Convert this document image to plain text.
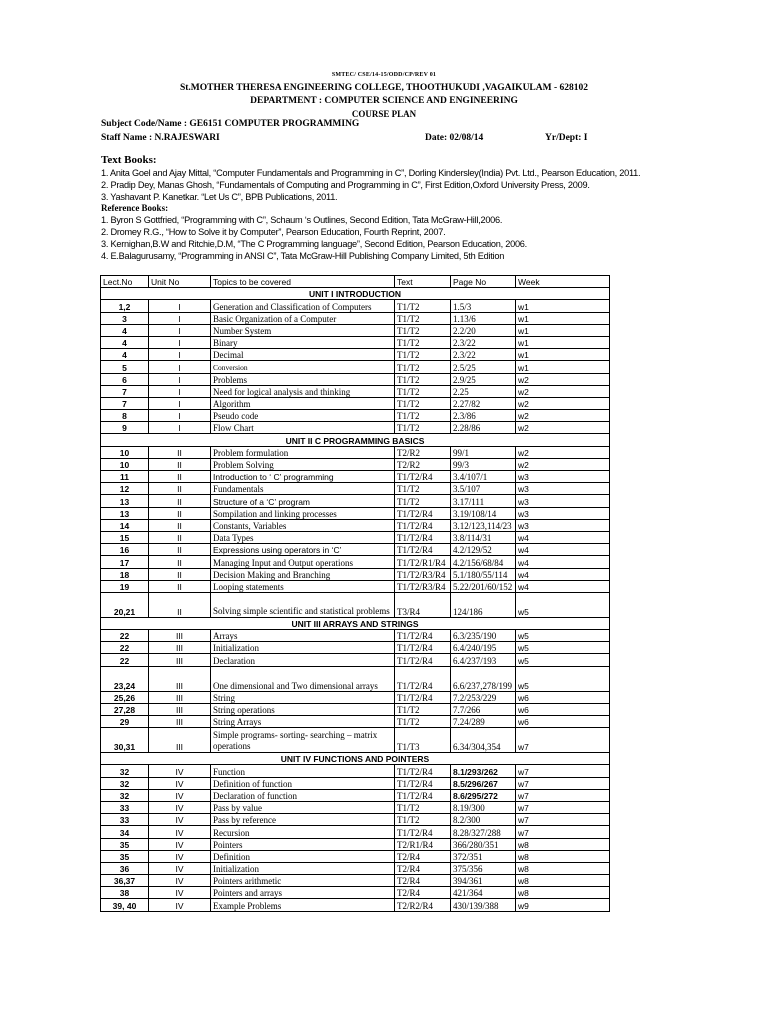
SMTEC/ CSE/14-15/ODD/CP/REV 01
St.MOTHER THERESA ENGINEERING COLLEGE, THOOTHUKUDI ,VAGAIKULAM - 628102
DEPARTMENT : COMPUTER SCIENCE AND ENGINEERING
COURSE PLAN
Subject Code/Name : GE6151 COMPUTER PROGRAMMING
Staff Name : N.RAJESWARI	Date: 02/08/14	Yr/Dept: I
Text Books:
1. Anita Goel and Ajay Mittal, “Computer Fundamentals and Programming in C”, Dorling Kindersley(India) Pvt. Ltd., Pearson Education, 2011.
2. Pradip Dey, Manas Ghosh, “Fundamentals of Computing and Programming in C”, First Edition,Oxford University Press, 2009.
3. Yashavant P. Kanetkar. “Let Us C”, BPB Publications, 2011.
Reference Books:
1. Byron S Gottfried, “Programming with C”, Schaum ‘s Outlines, Second Edition, Tata McGraw-Hill,2006.
2. Dromey R.G., “How to Solve it by Computer”, Pearson Education, Fourth Reprint, 2007.
3. Kernighan,B.W and Ritchie,D.M, “The C Programming language”, Second Edition, Pearson Education, 2006.
4. E.Balagurusamy, “Programming in ANSI C”, Tata McGraw-Hill Publishing Company Limited, 5th Edition
Lect.No	Unit No	Topics to be covered	Text	Page No	Week
UNIT I INTRODUCTION					
1,2	I	Generation and Classification of Computers	T1/T2	1.5/3	w1
3	I	Basic Organization of a Computer	T1/T2	1.13/6	w1
4	I	Number System	T1/T2	2.2/20	w1
4	I	Binary	T1/T2	2.3/22	w1
4	I	Decimal	T1/T2	2.3/22	w1
5	I	Conversion	T1/T2	2.5/25	w1
6	I	Problems	T1/T2	2.9/25	w2
7	I	Need for logical analysis and thinking	T1/T2	2.25	w2
7	I	Algorithm	T1/T2	2.27/82	w2
8	I	Pseudo code	T1/T2	2.3/86	w2
9	I	Flow Chart	T1/T2	2.28/86	w2
UNIT II C PROGRAMMING BASICS					
10	II	Problem formulation	T2/R2	99/1	w2
10	II	Problem Solving	T2/R2	99/3	w2
11	II	Introduction to ‘ C’ programming	T1/T2/R4	3.4/107/1	w3
12	II	Fundamentals	T1/T2	3.5/107	w3
13	II	Structure of a ‘C’ program	T1/T2	3.17/111	w3
13	II	Sompilation and linking processes	T1/T2/R4	3.19/108/14	w3
14	II	Constants, Variables	T1/T2/R4	3.12/123,114/23	w3
15	II	Data Types	T1/T2/R4	3.8/114/31	w4
16	II	Expressions using operators in ‘C’	T1/T2/R4	4.2/129/52	w4
17	II	Managing Input and Output operations	T1/T2/R1/R4	4.2/156/68/84	w4
18	II	Decision Making and Branching	T1/T2/R3/R4	5.1/180/55/114	w4
19	II	Looping statements	T1/T2/R3/R4	5.22/201/60/152	w4
20,21	II	Solving simple scientific and statistical problems	T3/R4	124/186	w5
UNIT III ARRAYS AND STRINGS					
22	III	Arrays	T1/T2/R4	6.3/235/190	w5
22	III	Initialization	T1/T2/R4	6.4/240/195	w5
22	III	Declaration	T1/T2/R4	6.4/237/193	w5
23,24	III	One dimensional and Two dimensional arrays	T1/T2/R4	6.6/237,278/199	w5
25,26	III	String	T1/T2/R4	7.2/253/229	w6
27,28	III	String operations	T1/T2	7.7/266	w6
29	III	String Arrays	T1/T2	7.24/289	w6
30,31	III	Simple programs- sorting- searching – matrix operations	T1/T3	6.34/304,354	w7
UNIT IV FUNCTIONS AND POINTERS					
32	IV	Function	T1/T2/R4	8.1/293/262	w7
32	IV	Definition of function	T1/T2/R4	8.5/296/267	w7
32	IV	Declaration of function	T1/T2/R4	8.6/295/272	w7
33	IV	Pass by value	T1/T2	8.19/300	w7
33	IV	Pass by reference	T1/T2	8.2/300	w7
34	IV	Recursion	T1/T2/R4	8.28/327/288	w7
35	IV	Pointers	T2/R1/R4	366/280/351	w8
35	IV	Definition	T2/R4	372/351	w8
36	IV	Initialization	T2/R4	375/356	w8
36,37	IV	Pointers arithmetic	T2/R4	394/361	w8
38	IV	Pointers and arrays	T2/R4	421/364	w8
39, 40	IV	Example Problems	T2/R2/R4	430/139/388	w9
